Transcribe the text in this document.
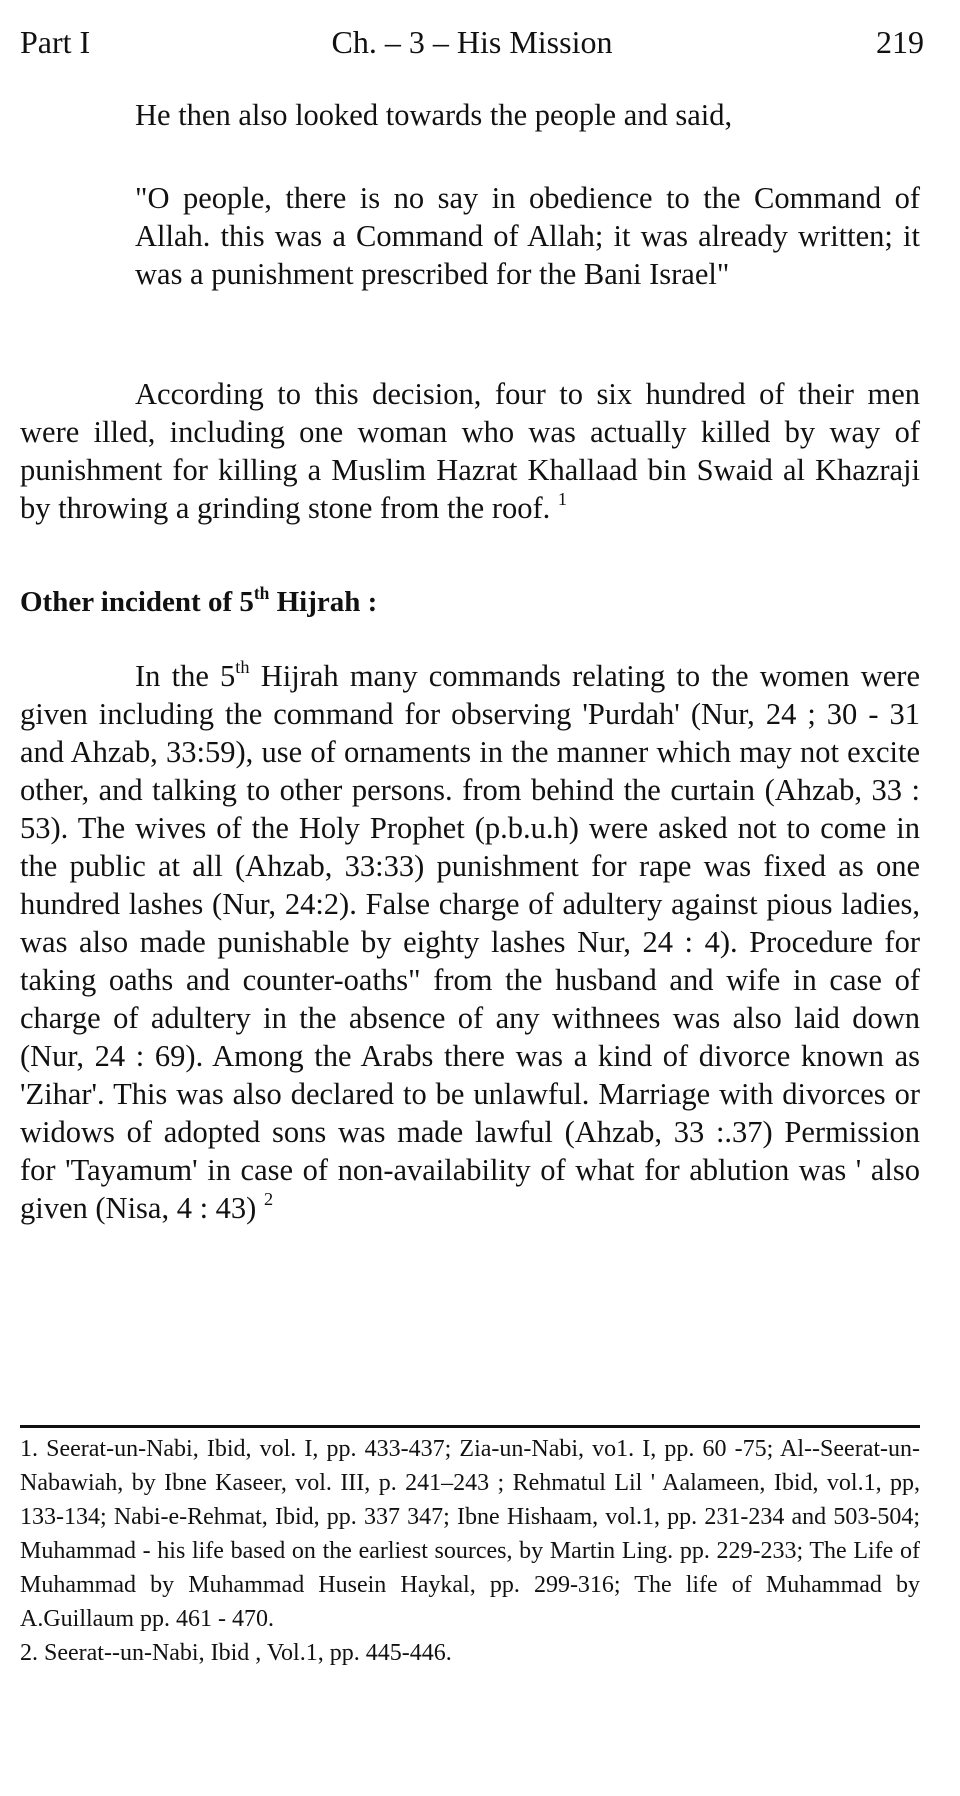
Part I	Ch. – 3 – His Mission	219
He then also looked towards the people and said,
"O people, there is no say in obedience to the Command of Allah. this was a Command of Allah; it was already written; it was a punishment prescribed for the Bani Israel"
According to this decision, four to six hundred of their men were illed, including one woman who was actually killed by way of punishment for killing a Muslim Hazrat Khallaad bin Swaid al Khazraji by throwing a grinding stone from the roof. $^1$
Other incident of 5th Hijrah :
In the 5th Hijrah many commands relating to the women were given including the command for observing 'Purdah' (Nur, 24 ; 30 - 31 and Ahzab, 33:59), use of ornaments in the manner which may not excite other, and talking to other persons. from behind the curtain (Ahzab, 33 : 53). The wives of the Holy Prophet (p.b.u.h) were asked not to come in the public at all (Ahzab, 33:33) punishment for rape was fixed as one hundred lashes (Nur, 24:2). False charge of adultery against pious ladies, was also made punishable by eighty lashes Nur, 24 : 4). Procedure for taking oaths and counter-oaths" from the husband and wife in case of charge of adultery in the absence of any withnees was also laid down (Nur, 24 : 69). Among the Arabs there was a kind of divorce known as 'Zihar'. This was also declared to be unlawful. Marriage with divorces or widows of adopted sons was made lawful (Ahzab, 33 :.37) Permission for 'Tayamum' in case of non-availability of what for ablution was ' also given (Nisa, 4 : 43) $^2$

1. Seerat-un-Nabi, Ibid, vol. I, pp. 433-437; Zia-un-Nabi, vo1. I, pp. 60 -75; Al--Seerat-un-Nabawiah, by Ibne Kaseer, vol. III, p. 241–243 ; Rehmatul Lil ' Aalameen, Ibid, vol.1, pp, 133-134; Nabi-e-Rehmat, Ibid, pp. 337 347; Ibne Hishaam, vol.1, pp. 231-234 and 503-504; Muhammad - his life based on the earliest sources, by Martin Ling. pp. 229-233; The Life of Muhammad by Muhammad Husein Haykal, pp. 299-316; The life of Muhammad by A.Guillaum pp. 461 - 470.

2. Seerat--un-Nabi, Ibid , Vol.1, pp. 445-446.
